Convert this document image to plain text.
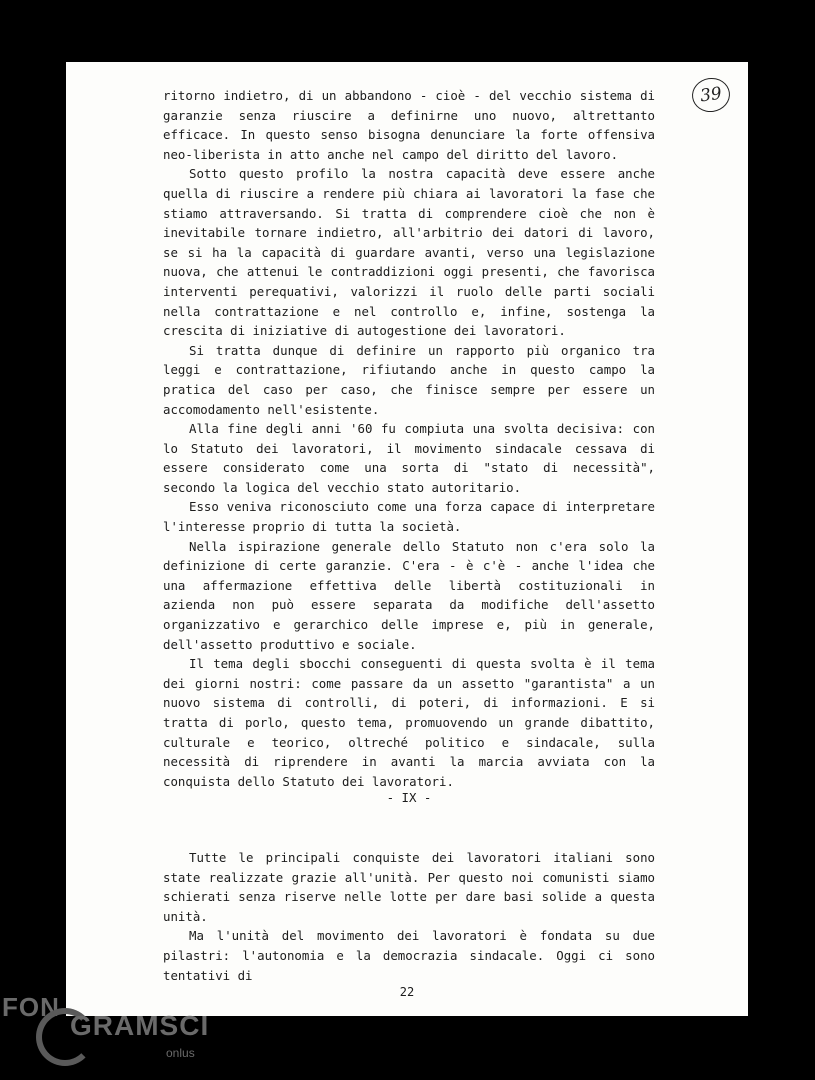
39

ritorno indietro, di un abbandono - cioè - del vecchio sistema di garanzie senza riuscire a definirne uno nuovo, altrettanto efficace. In questo senso bisogna denunciare la forte offensiva neo-liberista in atto anche nel campo del diritto del lavoro.

Sotto questo profilo la nostra capacità deve essere anche quella di riuscire a rendere più chiara ai lavoratori la fase che stiamo attraversando. Si tratta di comprendere cioè che non è inevitabile tornare indietro, all'arbitrio dei datori di lavoro, se si ha la capacità di guardare avanti, verso una legislazione nuova, che attenui le contraddizioni oggi presenti, che favorisca interventi perequativi, valorizzi il ruolo delle parti sociali nella contrattazione e nel controllo e, infine, sostenga la crescita di iniziative di autogestione dei lavoratori.

Si tratta dunque di definire un rapporto più organico tra leggi e contrattazione, rifiutando anche in questo campo la pratica del caso per caso, che finisce sempre per essere un accomodamento nell'esistente.

Alla fine degli anni '60 fu compiuta una svolta decisiva: con lo Statuto dei lavoratori, il movimento sindacale cessava di essere considerato come una sorta di "stato di necessità", secondo la logica del vecchio stato autoritario.

Esso veniva riconosciuto come una forza capace di interpretare l'interesse proprio di tutta la società.

Nella ispirazione generale dello Statuto non c'era solo la definizione di certe garanzie. C'era - è c'è - anche l'idea che una affermazione effettiva delle libertà costituzionali in azienda non può essere separata da modifiche dell'assetto organizzativo e gerarchico delle imprese e, più in generale, dell'assetto produttivo e sociale.

Il tema degli sbocchi conseguenti di questa svolta è il tema dei giorni nostri: come passare da un assetto "garantista" a un nuovo sistema di controlli, di poteri, di informazioni. E si tratta di porlo, questo tema, promuovendo un grande dibattito, culturale e teorico, oltreché politico e sindacale, sulla necessità di riprendere in avanti la marcia avviata con la conquista dello Statuto dei lavoratori.

- IX -

Tutte le principali conquiste dei lavoratori italiani sono state realizzate grazie all'unità. Per questo noi comunisti siamo schierati senza riserve nelle lotte per dare basi solide a questa unità.

Ma l'unità del movimento dei lavoratori è fondata su due pilastri: l'autonomia e la democrazia sindacale. Oggi ci sono tentativi di

22
FON
GRAMSCI
onlus
